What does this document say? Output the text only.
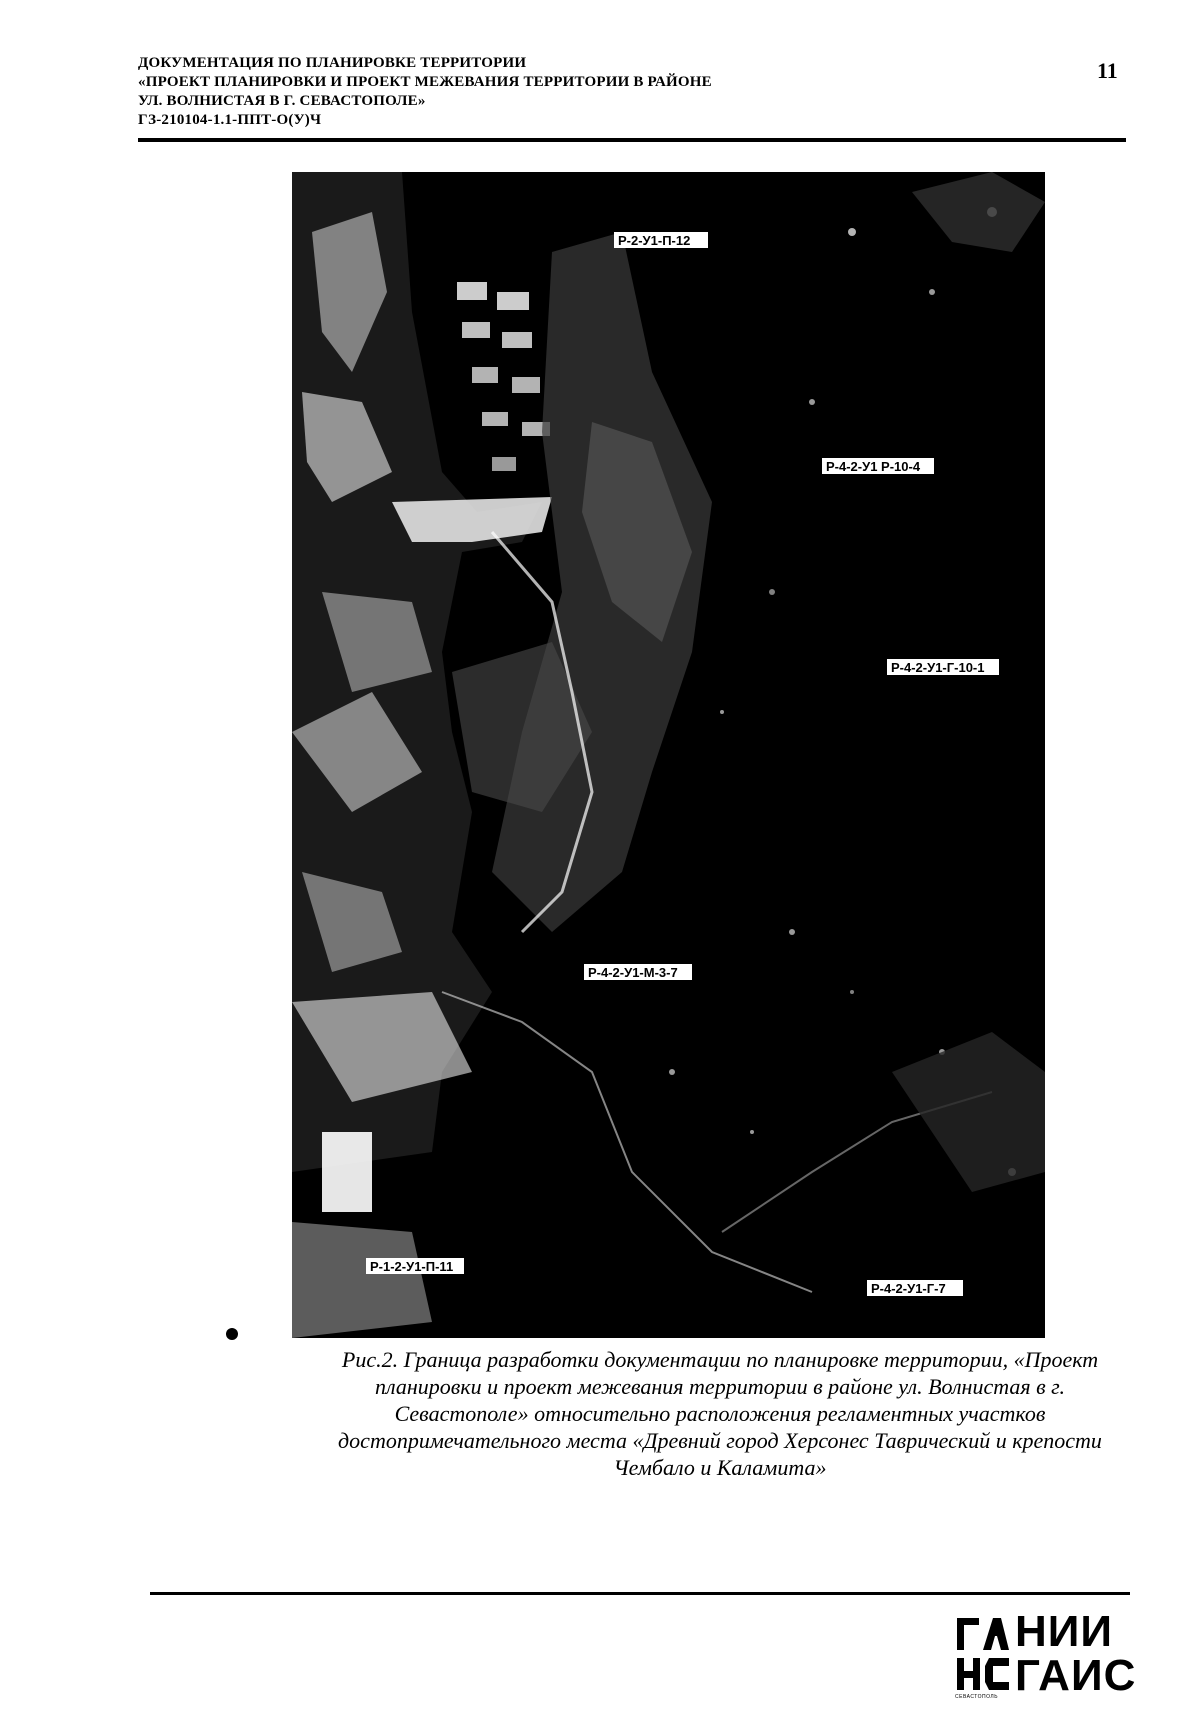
ДОКУМЕНТАЦИЯ ПО ПЛАНИРОВКЕ ТЕРРИТОРИИ
«ПРОЕКТ ПЛАНИРОВКИ И ПРОЕКТ МЕЖЕВАНИЯ ТЕРРИТОРИИ В РАЙОНЕ
УЛ. ВОЛНИСТАЯ В Г. СЕВАСТОПОЛЕ»
ГЗ-210104-1.1-ППТ-О(У)Ч
11
Р-2-У1-П-12
Р-4-2-У1 Р-10-4
Р-4-2-У1-Г-10-1
Р-4-2-У1-М-3-7
Р-1-2-У1-П-11
Р-4-2-У1-Г-7
Рис.2. Граница разработки документации по планировке территории, «Проект
планировки и проект межевания территории в районе ул. Волнистая в г.
Севастополе» относительно расположения регламентных участков
достопримечательного места «Древний город Херсонес Таврический и крепости
Чембало и Каламита»
НИИ
ГАИС
СЕВАСТОПОЛЬ
